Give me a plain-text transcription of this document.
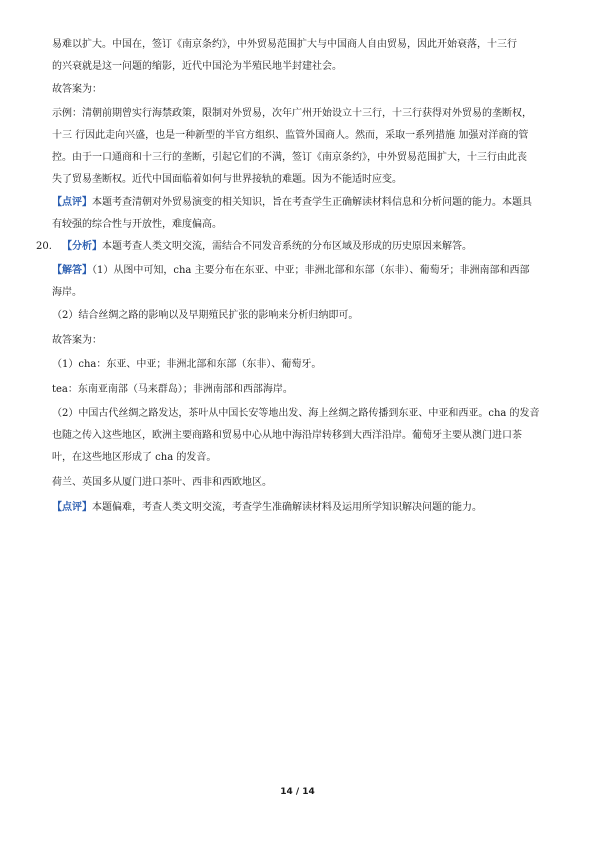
易难以扩大。中国在，签订《南京条约》，中外贸易范围扩大与中国商人自由贸易，因此开始衰落，十三行
的兴衰就是这一问题的缩影，近代中国沦为半殖民地半封建社会。

故答案为：

示例：清朝前期曾实行海禁政策，限制对外贸易，次年广州开始设立十三行，十三行获得对外贸易的垄断权，
十三 行因此走向兴盛，也是一种新型的半官方组织、监管外国商人。然而，采取一系列措施 加强对洋商的管
控。由于一口通商和十三行的垄断，引起它们的不满，签订《南京条约》，中外贸易范围扩大，十三行由此丧
失了贸易垄断权。近代中国面临着如何与世界接轨的难题。因为不能适时应变。

【点评】本题考查清朝对外贸易演变的相关知识，旨在考查学生正确解读材料信息和分析问题的能力。本题具
有较强的综合性与开放性，难度偏高。

20. 【分析】本题考查人类文明交流，需结合不同发音系统的分布区域及形成的历史原因来解答。

【解答】（1）从图中可知，cha 主要分布在东亚、中亚；非洲北部和东部（东非）、葡萄牙；非洲南部和西部
海岸。

（2）结合丝绸之路的影响以及早期殖民扩张的影响来分析归纳即可。

故答案为：

（1）cha：东亚、中亚；非洲北部和东部（东非）、葡萄牙。

tea：东南亚南部（马来群岛）；非洲南部和西部海岸。

（2）中国古代丝绸之路发达，茶叶从中国长安等地出发、海上丝绸之路传播到东亚、中亚和西亚。cha 的发音
也随之传入这些地区，欧洲主要商路和贸易中心从地中海沿岸转移到大西洋沿岸。葡萄牙主要从澳门进口茶
叶，在这些地区形成了 cha 的发音。

荷兰、英国多从厦门进口茶叶、西非和西欧地区。

【点评】本题偏难，考查人类文明交流，考查学生准确解读材料及运用所学知识解决问题的能力。

14 / 14
